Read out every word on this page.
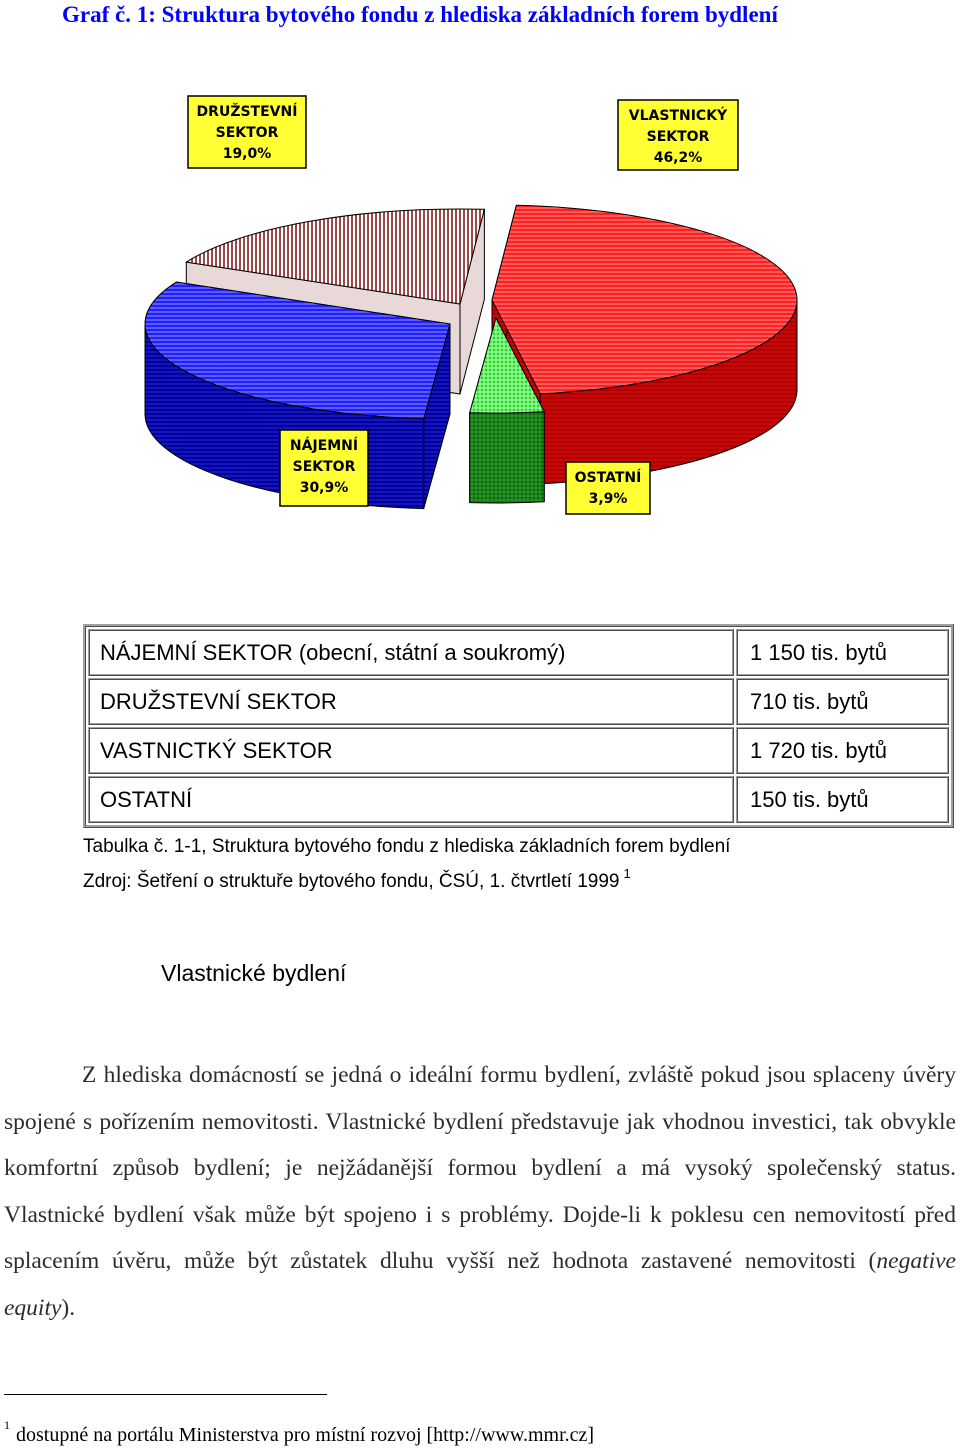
Graf č. 1: Struktura bytového fondu z hlediska základních forem bydlení
VLASTNICKÝ
SEKTOR
46,2%
OSTATNÍ
3,9%
NÁJEMNÍ
SEKTOR
30,9%
DRUŽSTEVNÍ
SEKTOR
19,0%
NÁJEMNÍ SEKTOR (obecní, státní a soukromý)	1 150 tis. bytů
DRUŽSTEVNÍ SEKTOR	710 tis. bytů
VASTNICTKÝ SEKTOR	1 720 tis. bytů
OSTATNÍ	150 tis. bytů
Tabulka č. 1-1, Struktura bytového fondu z hlediska základních forem bydlení
Zdroj: Šetření o struktuře bytového fondu, ČSÚ, 1. čtvrtletí 1999 $^1$
Vlastnické bydlení
Z hlediska domácností se jedná o ideální formu bydlení, zvláště pokud jsou splaceny úvěry spojené s pořízením nemovitosti. Vlastnické bydlení představuje jak vhodnou investici, tak obvykle komfortní způsob bydlení; je nejžádanější formou bydlení a má vysoký společenský status. Vlastnické bydlení však může být spojeno i s problémy. Dojde-li k poklesu cen nemovitostí před splacením úvěru, může být zůstatek dluhu vyšší než hodnota zastavené nemovitosti (negative equity).
$^1$ dostupné na portálu Ministerstva pro místní rozvoj [http://www.mmr.cz]
